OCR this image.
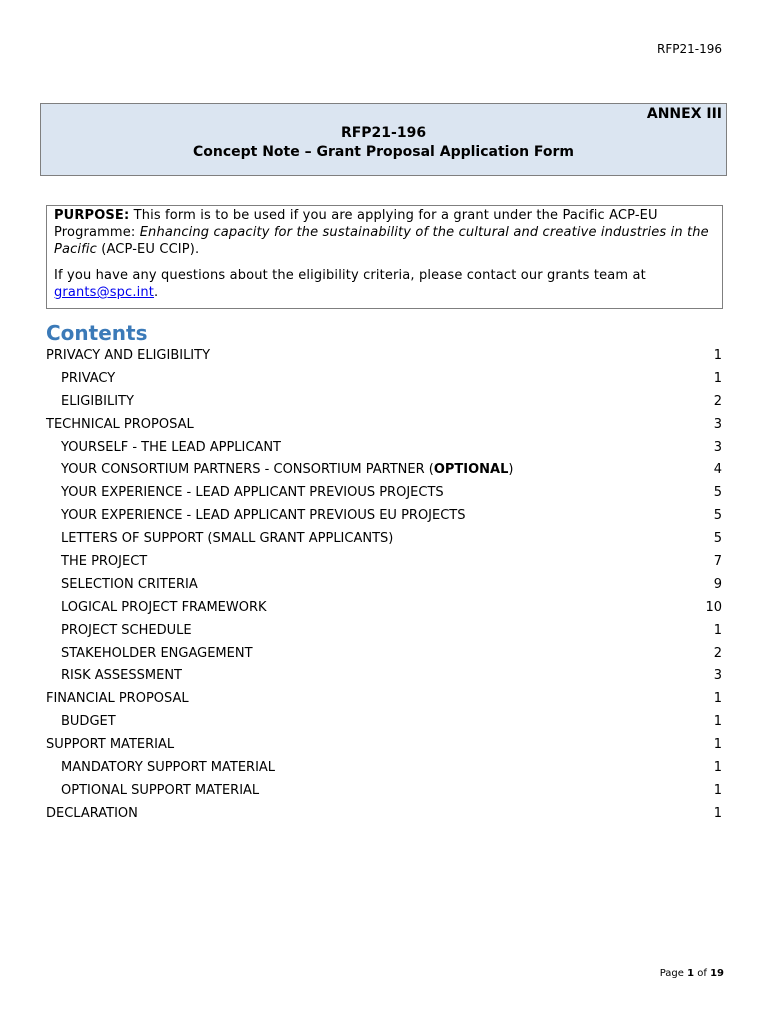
RFP21-196
ANNEX III
RFP21-196
Concept Note – Grant Proposal Application Form

PURPOSE: This form is to be used if you are applying for a grant under the Pacific ACP-EU Programme: Enhancing capacity for the sustainability of the cultural and creative industries in the Pacific (ACP-EU CCIP).

If you have any questions about the eligibility criteria, please contact our grants team at grants@spc.int.

Contents
PRIVACY AND ELIGIBILITY	1
PRIVACY	1
ELIGIBILITY	2
TECHNICAL PROPOSAL	3
YOURSELF - THE LEAD APPLICANT	3
YOUR CONSORTIUM PARTNERS - CONSORTIUM PARTNER (OPTIONAL)	4
YOUR EXPERIENCE - LEAD APPLICANT PREVIOUS PROJECTS	5
YOUR EXPERIENCE - LEAD APPLICANT PREVIOUS EU PROJECTS	5
LETTERS OF SUPPORT (SMALL GRANT APPLICANTS)	5
THE PROJECT	7
SELECTION CRITERIA	9
LOGICAL PROJECT FRAMEWORK	10
PROJECT SCHEDULE	1
STAKEHOLDER ENGAGEMENT	2
RISK ASSESSMENT	3
FINANCIAL PROPOSAL	1
BUDGET	1
SUPPORT MATERIAL	1
MANDATORY SUPPORT MATERIAL	1
OPTIONAL SUPPORT MATERIAL	1
DECLARATION	1
Page 1 of 19
